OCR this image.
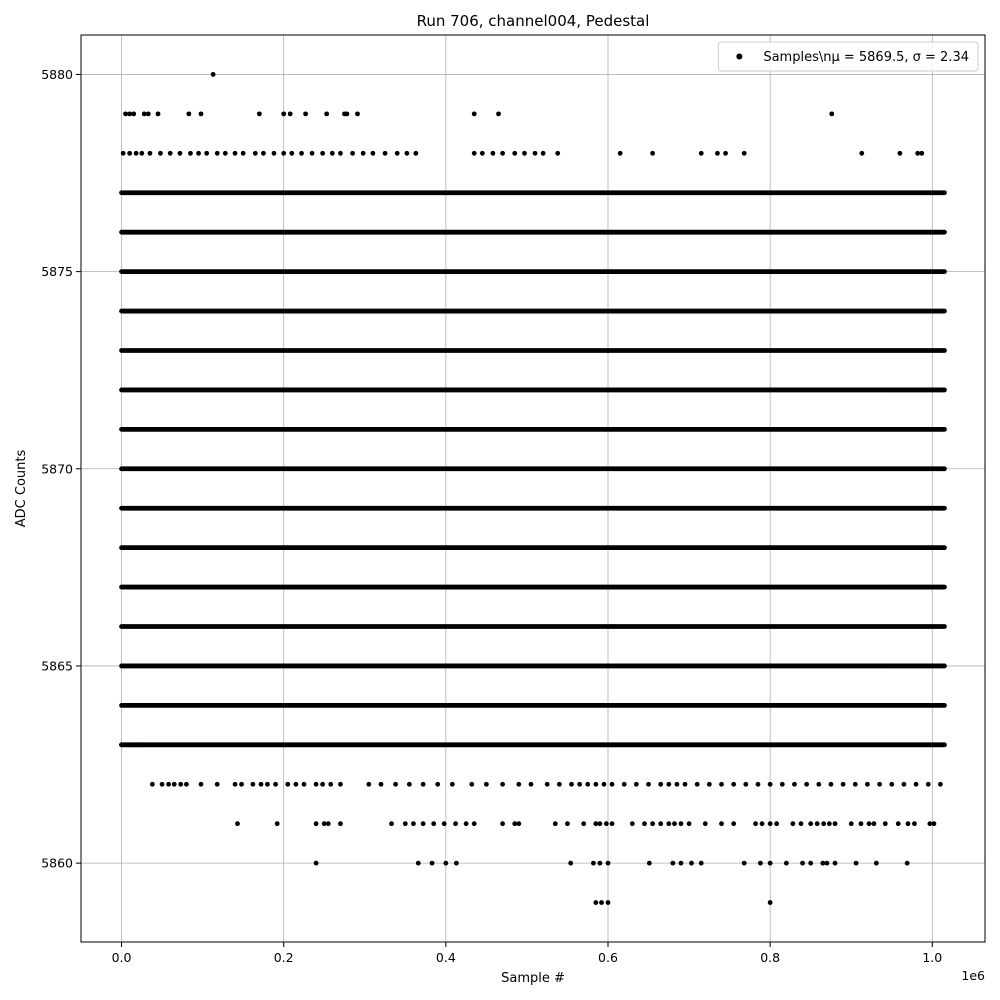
0.0	0.2	0.4	0.6	0.8	1.0
5860
5865
5870
5875
5880
Run 706, channel004, Pedestal
Sample #
ADC Counts
1e6
Samples\nμ = 5869.5, σ = 2.34
